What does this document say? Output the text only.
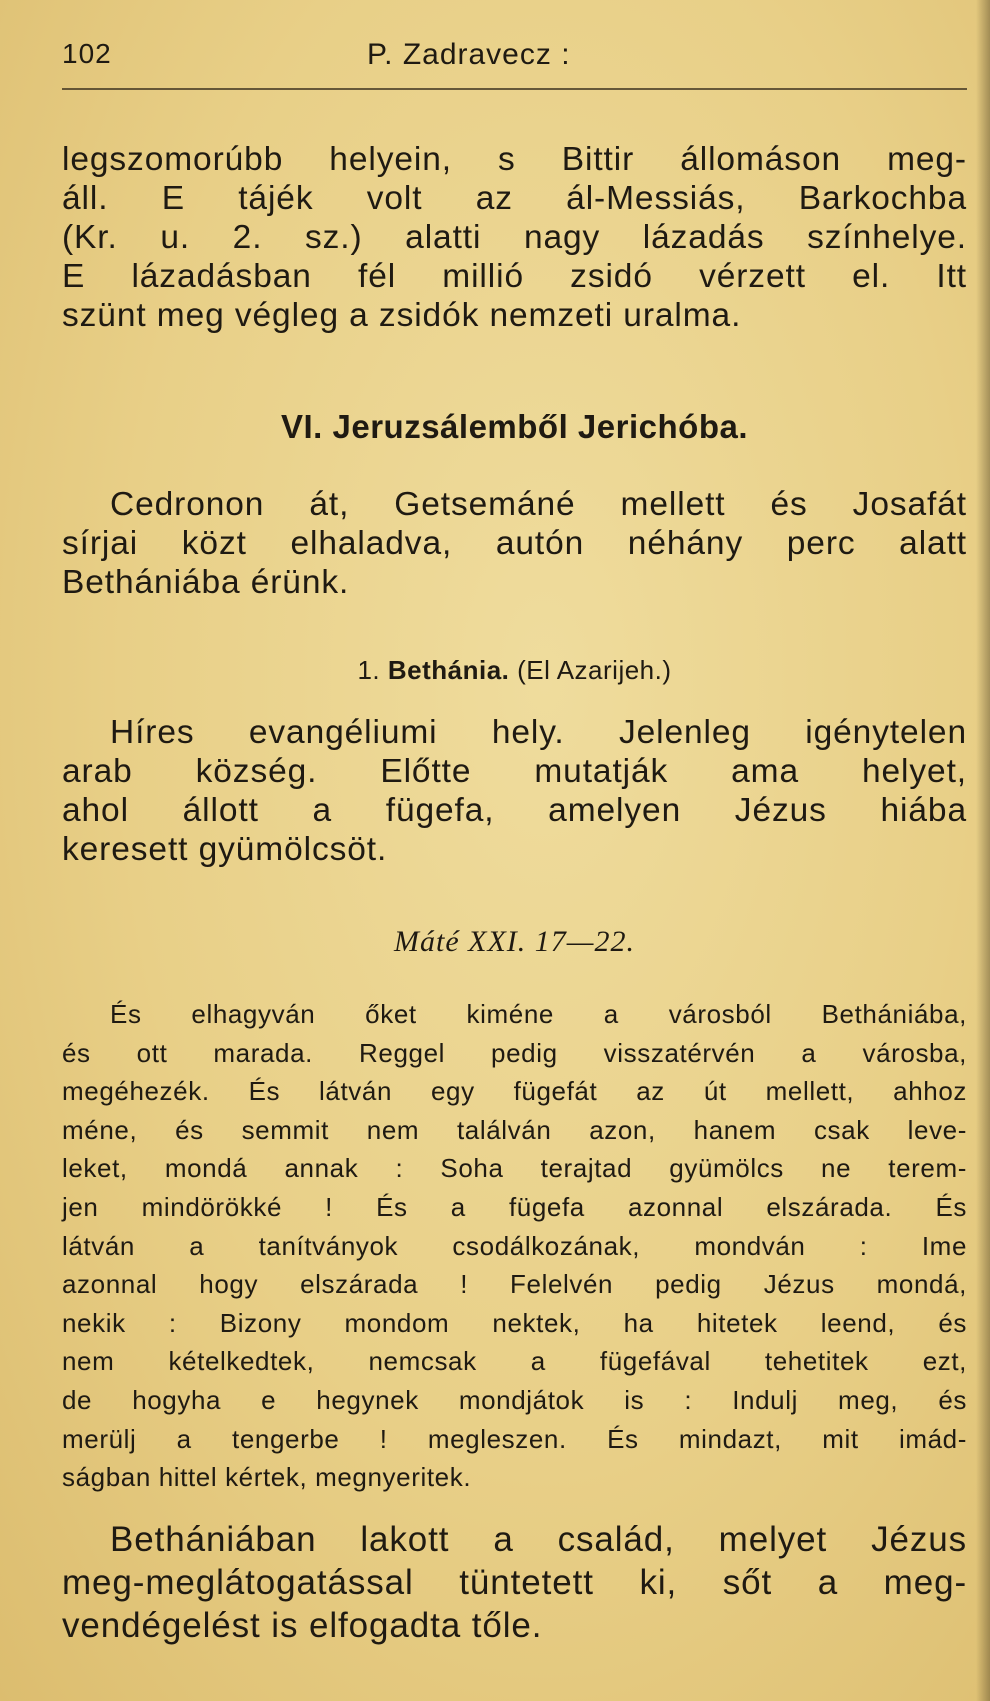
102	P. Zadravecz :

legszomorúbb helyein, s Bittir állomáson meg-
áll. E tájék volt az ál-Messiás, Barkochba
(Kr. u. 2. sz.) alatti nagy lázadás színhelye.
E lázadásban fél millió zsidó vérzett el. Itt
szünt meg végleg a zsidók nemzeti uralma.

VI. Jeruzsálemből Jerichóba.

Cedronon át, Getsemáné mellett és Josafát
sírjai közt elhaladva, autón néhány perc alatt
Bethániába érünk.

1. Bethánia. (El Azarijeh.)

Híres evangéliumi hely. Jelenleg igénytelen
arab község. Előtte mutatják ama helyet,
ahol állott a fügefa, amelyen Jézus hiába
keresett gyümölcsöt.

Máté XXI. 17—22.
És elhagyván őket kiméne a városból Bethániába,
és ott marada. Reggel pedig visszatérvén a városba,
megéhezék. És látván egy fügefát az út mellett, ahhoz
méne, és semmit nem találván azon, hanem csak leve-
leket, mondá annak : Soha terajtad gyümölcs ne terem-
jen mindörökké ! És a fügefa azonnal elszárada. És
látván a tanítványok csodálkozának, mondván : Ime
azonnal hogy elszárada ! Felelvén pedig Jézus mondá,
nekik : Bizony mondom nektek, ha hitetek leend, és
nem kételkedtek, nemcsak a fügefával tehetitek ezt,
de hogyha e hegynek mondjátok is : Indulj meg, és
merülj a tengerbe ! megleszen. És mindazt, mit imád-
ságban hittel kértek, megnyeritek.

Bethániában lakott a család, melyet Jézus
meg-meglátogatással tüntetett ki, sőt a meg-
vendégelést is elfogadta tőle.
